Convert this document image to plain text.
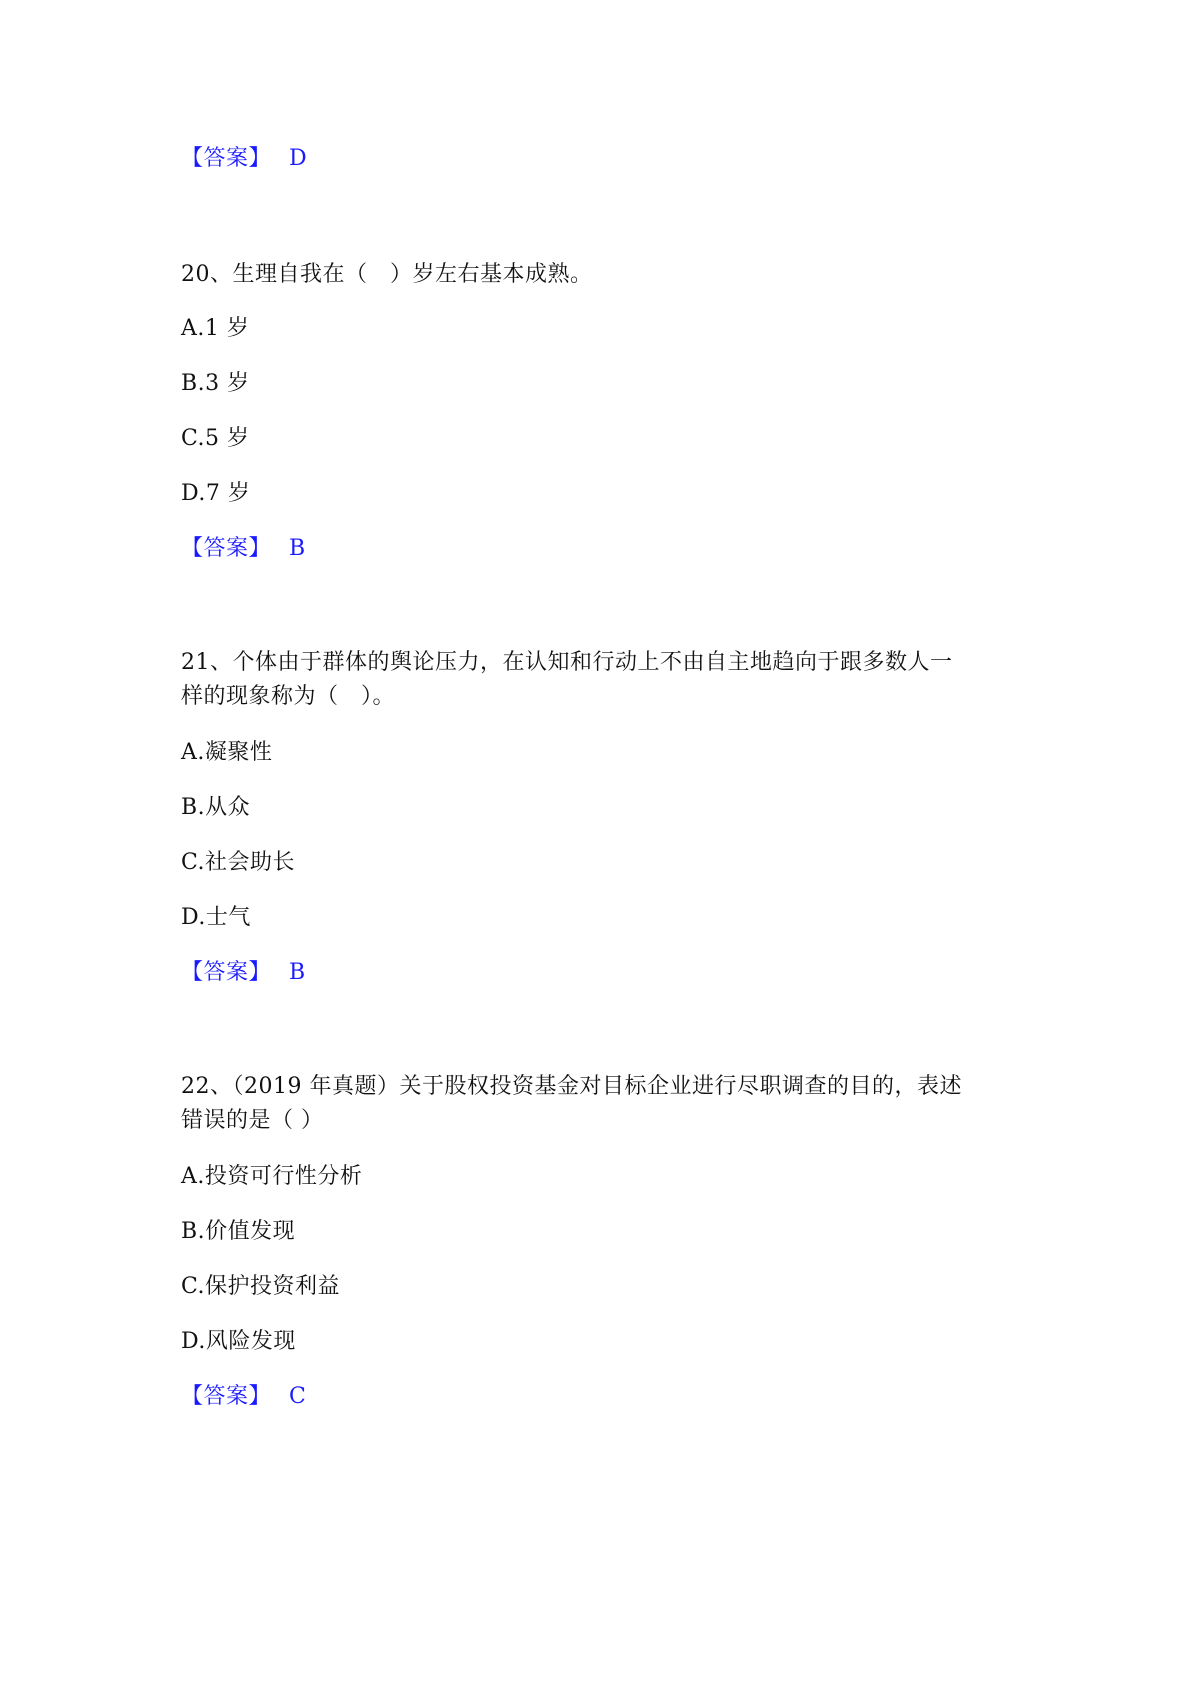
【答案】 D
20、生理自我在（　）岁左右基本成熟。
A.1 岁
B.3 岁
C.5 岁
D.7 岁
【答案】 B
21、个体由于群体的舆论压力，在认知和行动上不由自主地趋向于跟多数人一
样的现象称为（　）。
A.凝聚性
B.从众
C.社会助长
D.士气
【答案】 B
22、（2019 年真题）关于股权投资基金对目标企业进行尽职调查的目的，表述
错误的是（ ）
A.投资可行性分析
B.价值发现
C.保护投资利益
D.风险发现
【答案】 C
